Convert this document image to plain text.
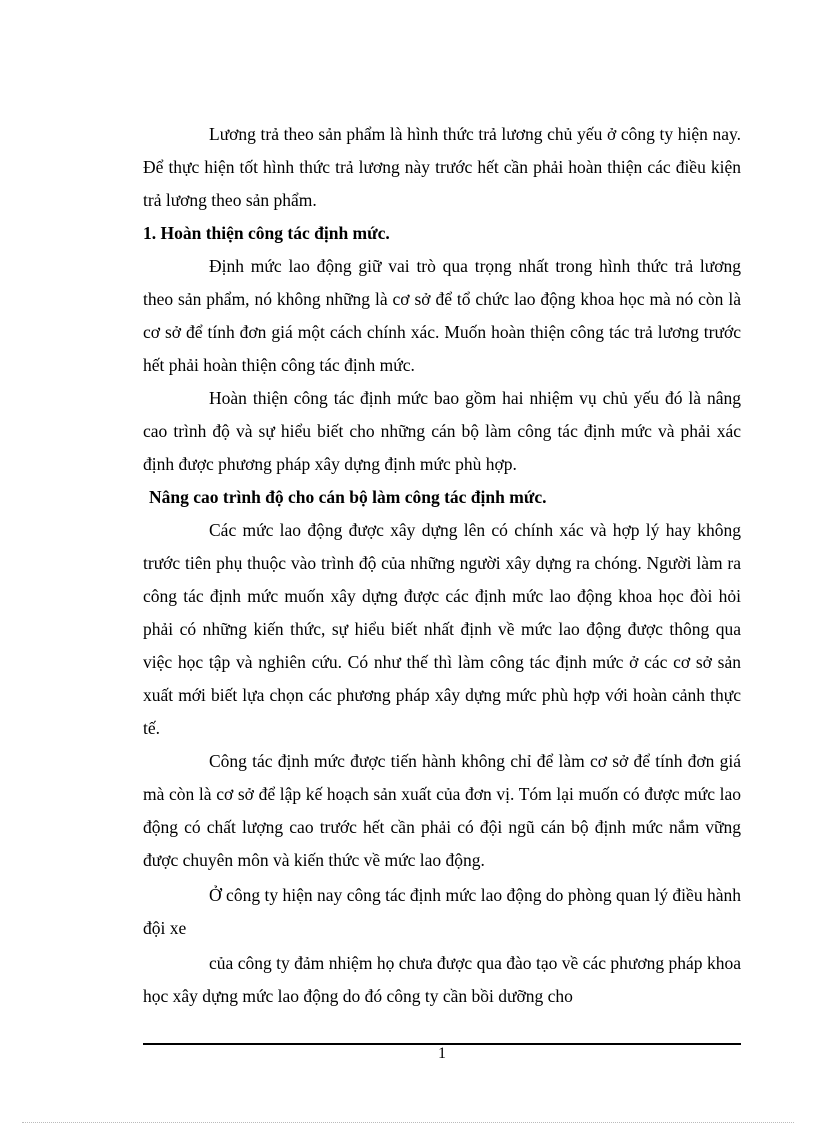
Lương trả theo sản phẩm là hình thức trả lương chủ yếu ở công ty hiện nay. Để thực hiện tốt hình thức trả lương này trước hết cần phải hoàn thiện các điều kiện trả lương theo sản phẩm.

1. Hoàn thiện công tác định mức.

Định mức lao động giữ vai trò qua trọng nhất trong hình thức trả lương theo sản phẩm, nó không những là cơ sở để tổ chức lao động khoa học mà nó còn là cơ sở để tính đơn giá một cách chính xác. Muốn hoàn thiện công tác trả lương trước hết phải hoàn thiện công tác định mức.

Hoàn thiện công tác định mức bao gồm hai nhiệm vụ chủ yếu đó là nâng cao trình độ và sự hiểu biết cho những cán bộ làm công tác định mức và phải xác định được phương pháp xây dựng định mức phù hợp.

Nâng cao trình độ cho cán bộ làm công tác định mức.

Các mức lao động được xây dựng lên có chính xác và hợp lý hay không trước tiên phụ thuộc vào trình độ của những người xây dựng ra chóng. Người làm ra công tác định mức muốn xây dựng được các định mức lao động khoa học đòi hỏi phải có những kiến thức, sự hiểu biết nhất định về mức lao động được thông qua việc học tập và nghiên cứu. Có như thế thì làm công tác định mức ở các cơ sở sản xuất mới biết lựa chọn các phương pháp xây dựng mức phù hợp với hoàn cảnh thực tế.

Công tác định mức được tiến hành không chỉ để làm cơ sở để tính đơn giá mà còn là cơ sở để lập kế hoạch sản xuất của đơn vị. Tóm lại muốn có được mức lao động có chất lượng cao trước hết cần phải có đội ngũ cán bộ định mức nắm vững được chuyên môn và kiến thức về mức lao động.

Ở công ty hiện nay công tác định mức lao động do phòng quan lý điều hành đội xe

của công ty đảm nhiệm họ chưa được qua đào tạo về các phương pháp khoa học xây dựng mức lao động do đó công ty cần bồi dưỡng cho

1
